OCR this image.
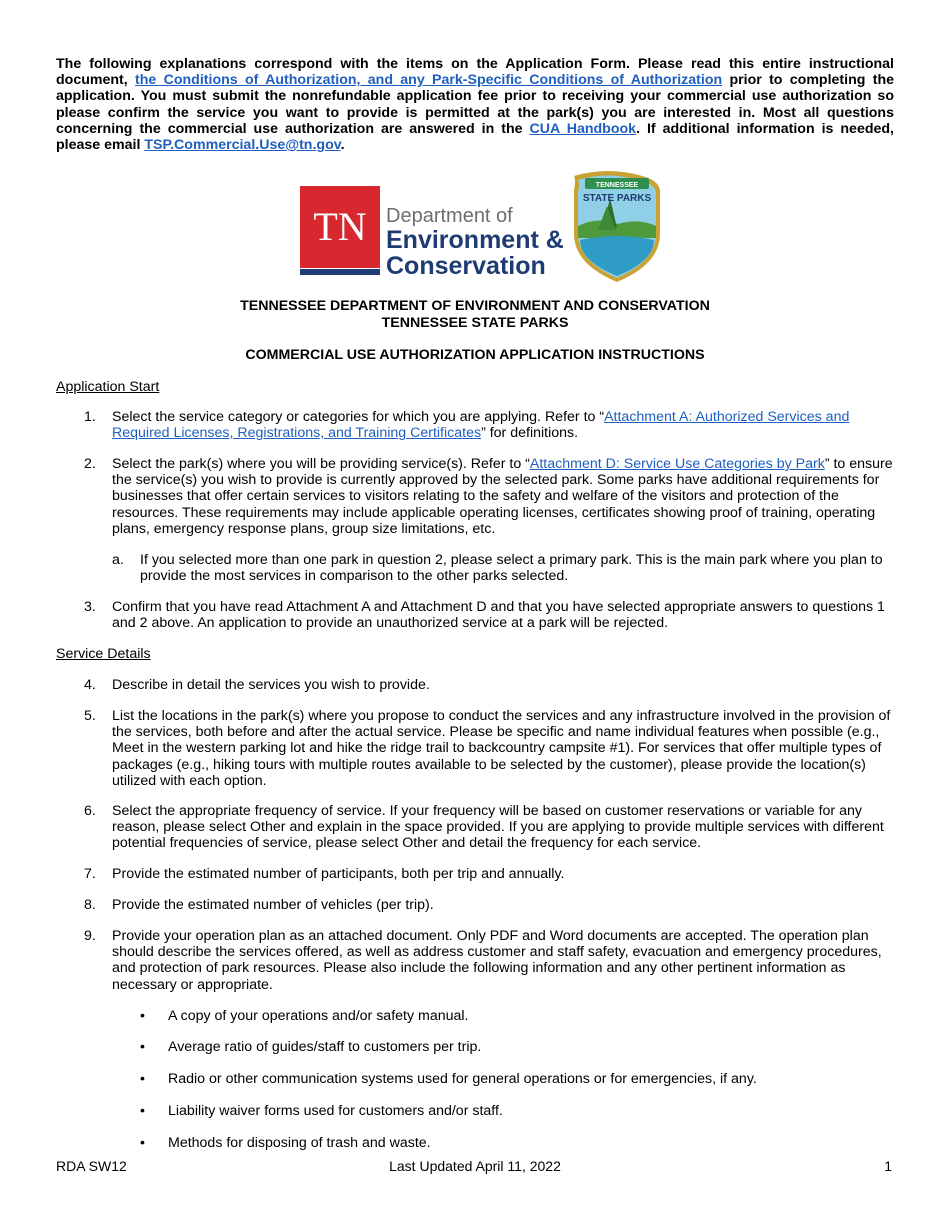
The following explanations correspond with the items on the Application Form. Please read this entire instructional document, the Conditions of Authorization, and any Park-Specific Conditions of Authorization prior to completing the application. You must submit the nonrefundable application fee prior to receiving your commercial use authorization so please confirm the service you want to provide is permitted at the park(s) you are interested in. Most all questions concerning the commercial use authorization are answered in the CUA Handbook. If additional information is needed, please email TSP.Commercial.Use@tn.gov.
TN Department of
Environment &
Conservation
TENNESSEE
STATE PARKS
TENNESSEE DEPARTMENT OF ENVIRONMENT AND CONSERVATION
TENNESSEE STATE PARKS
COMMERCIAL USE AUTHORIZATION APPLICATION INSTRUCTIONS
Application Start
1. Select the service category or categories for which you are applying. Refer to “Attachment A: Authorized Services and Required Licenses, Registrations, and Training Certificates” for definitions.
2. Select the park(s) where you will be providing service(s). Refer to “Attachment D: Service Use Categories by Park” to ensure the service(s) you wish to provide is currently approved by the selected park. Some parks have additional requirements for businesses that offer certain services to visitors relating to the safety and welfare of the visitors and protection of the resources. These requirements may include applicable operating licenses, certificates showing proof of training, operating plans, emergency response plans, group size limitations, etc.
a. If you selected more than one park in question 2, please select a primary park. This is the main park where you plan to provide the most services in comparison to the other parks selected.
3. Confirm that you have read Attachment A and Attachment D and that you have selected appropriate answers to questions 1 and 2 above. An application to provide an unauthorized service at a park will be rejected.
Service Details
4. Describe in detail the services you wish to provide.
5. List the locations in the park(s) where you propose to conduct the services and any infrastructure involved in the provision of the services, both before and after the actual service. Please be specific and name individual features when possible (e.g., Meet in the western parking lot and hike the ridge trail to backcountry campsite #1). For services that offer multiple types of packages (e.g., hiking tours with multiple routes available to be selected by the customer), please provide the location(s) utilized with each option.
6. Select the appropriate frequency of service. If your frequency will be based on customer reservations or variable for any reason, please select Other and explain in the space provided. If you are applying to provide multiple services with different potential frequencies of service, please select Other and detail the frequency for each service.
7. Provide the estimated number of participants, both per trip and annually.
8. Provide the estimated number of vehicles (per trip).
9. Provide your operation plan as an attached document. Only PDF and Word documents are accepted. The operation plan should describe the services offered, as well as address customer and staff safety, evacuation and emergency procedures, and protection of park resources. Please also include the following information and any other pertinent information as necessary or appropriate.
• A copy of your operations and/or safety manual.
• Average ratio of guides/staff to customers per trip.
• Radio or other communication systems used for general operations or for emergencies, if any.
• Liability waiver forms used for customers and/or staff.
• Methods for disposing of trash and waste.
RDA SW12	Last Updated April 11, 2022	1
